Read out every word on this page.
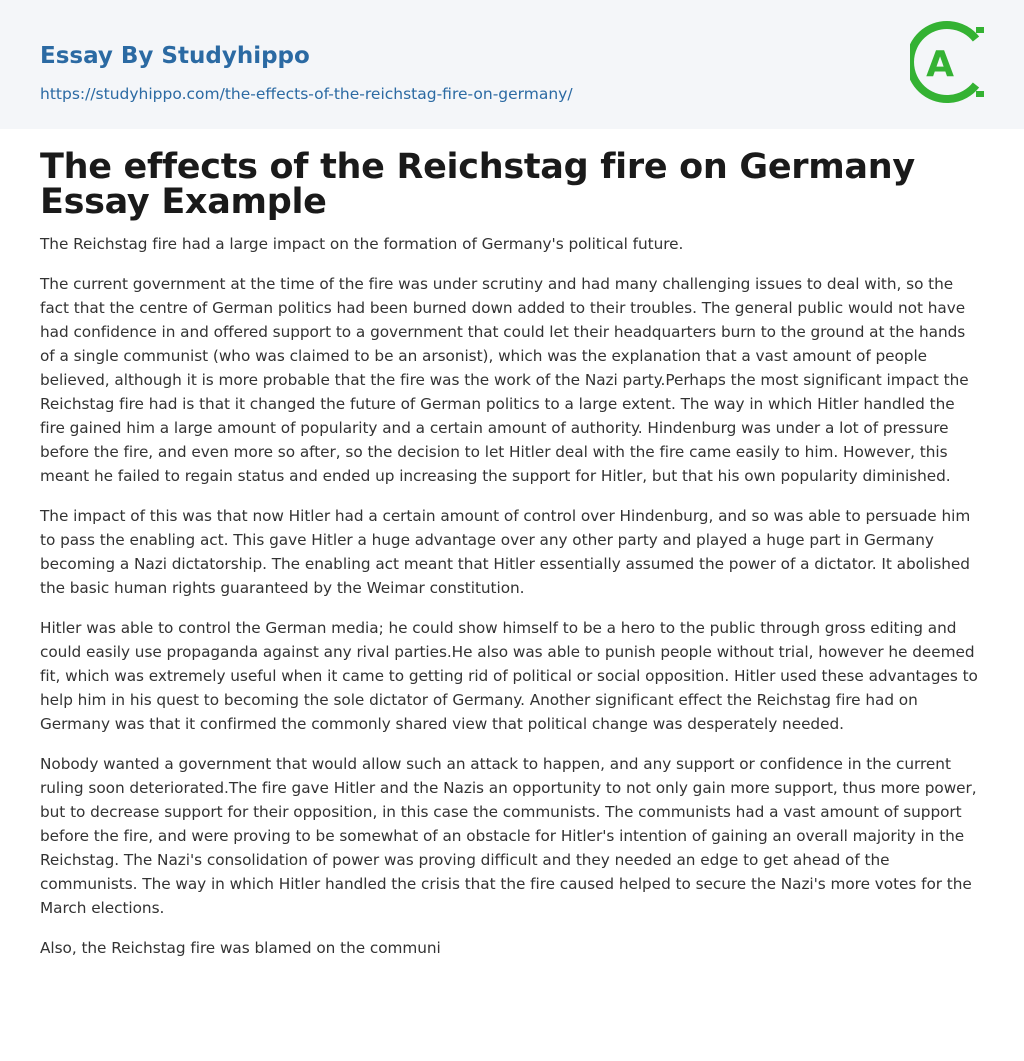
Essay By Studyhippo
https://studyhippo.com/the-effects-of-the-reichstag-fire-on-germany/
A
The effects of the Reichstag fire on Germany Essay Example

The Reichstag fire had a large impact on the formation of Germany's political future.

The current government at the time of the fire was under scrutiny and had many challenging issues to deal with, so the fact that the centre of German politics had been burned down added to their troubles. The general public would not have had confidence in and offered support to a government that could let their headquarters burn to the ground at the hands of a single communist (who was claimed to be an arsonist), which was the explanation that a vast amount of people believed, although it is more probable that the fire was the work of the Nazi party.Perhaps the most significant impact the Reichstag fire had is that it changed the future of German politics to a large extent. The way in which Hitler handled the fire gained him a large amount of popularity and a certain amount of authority. Hindenburg was under a lot of pressure before the fire, and even more so after, so the decision to let Hitler deal with the fire came easily to him. However, this meant he failed to regain status and ended up increasing the support for Hitler, but that his own popularity diminished.

The impact of this was that now Hitler had a certain amount of control over Hindenburg, and so was able to persuade him to pass the enabling act. This gave Hitler a huge advantage over any other party and played a huge part in Germany becoming a Nazi dictatorship. The enabling act meant that Hitler essentially assumed the power of a dictator. It abolished the basic human rights guaranteed by the Weimar constitution.

Hitler was able to control the German media; he could show himself to be a hero to the public through gross editing and could easily use propaganda against any rival parties.He also was able to punish people without trial, however he deemed fit, which was extremely useful when it came to getting rid of political or social opposition. Hitler used these advantages to help him in his quest to becoming the sole dictator of Germany. Another significant effect the Reichstag fire had on Germany was that it confirmed the commonly shared view that political change was desperately needed.

Nobody wanted a government that would allow such an attack to happen, and any support or confidence in the current ruling soon deteriorated.The fire gave Hitler and the Nazis an opportunity to not only gain more support, thus more power, but to decrease support for their opposition, in this case the communists. The communists had a vast amount of support before the fire, and were proving to be somewhat of an obstacle for Hitler's intention of gaining an overall majority in the Reichstag. The Nazi's consolidation of power was proving difficult and they needed an edge to get ahead of the communists. The way in which Hitler handled the crisis that the fire caused helped to secure the Nazi's more votes for the March elections.

Also, the Reichstag fire was blamed on the communi
